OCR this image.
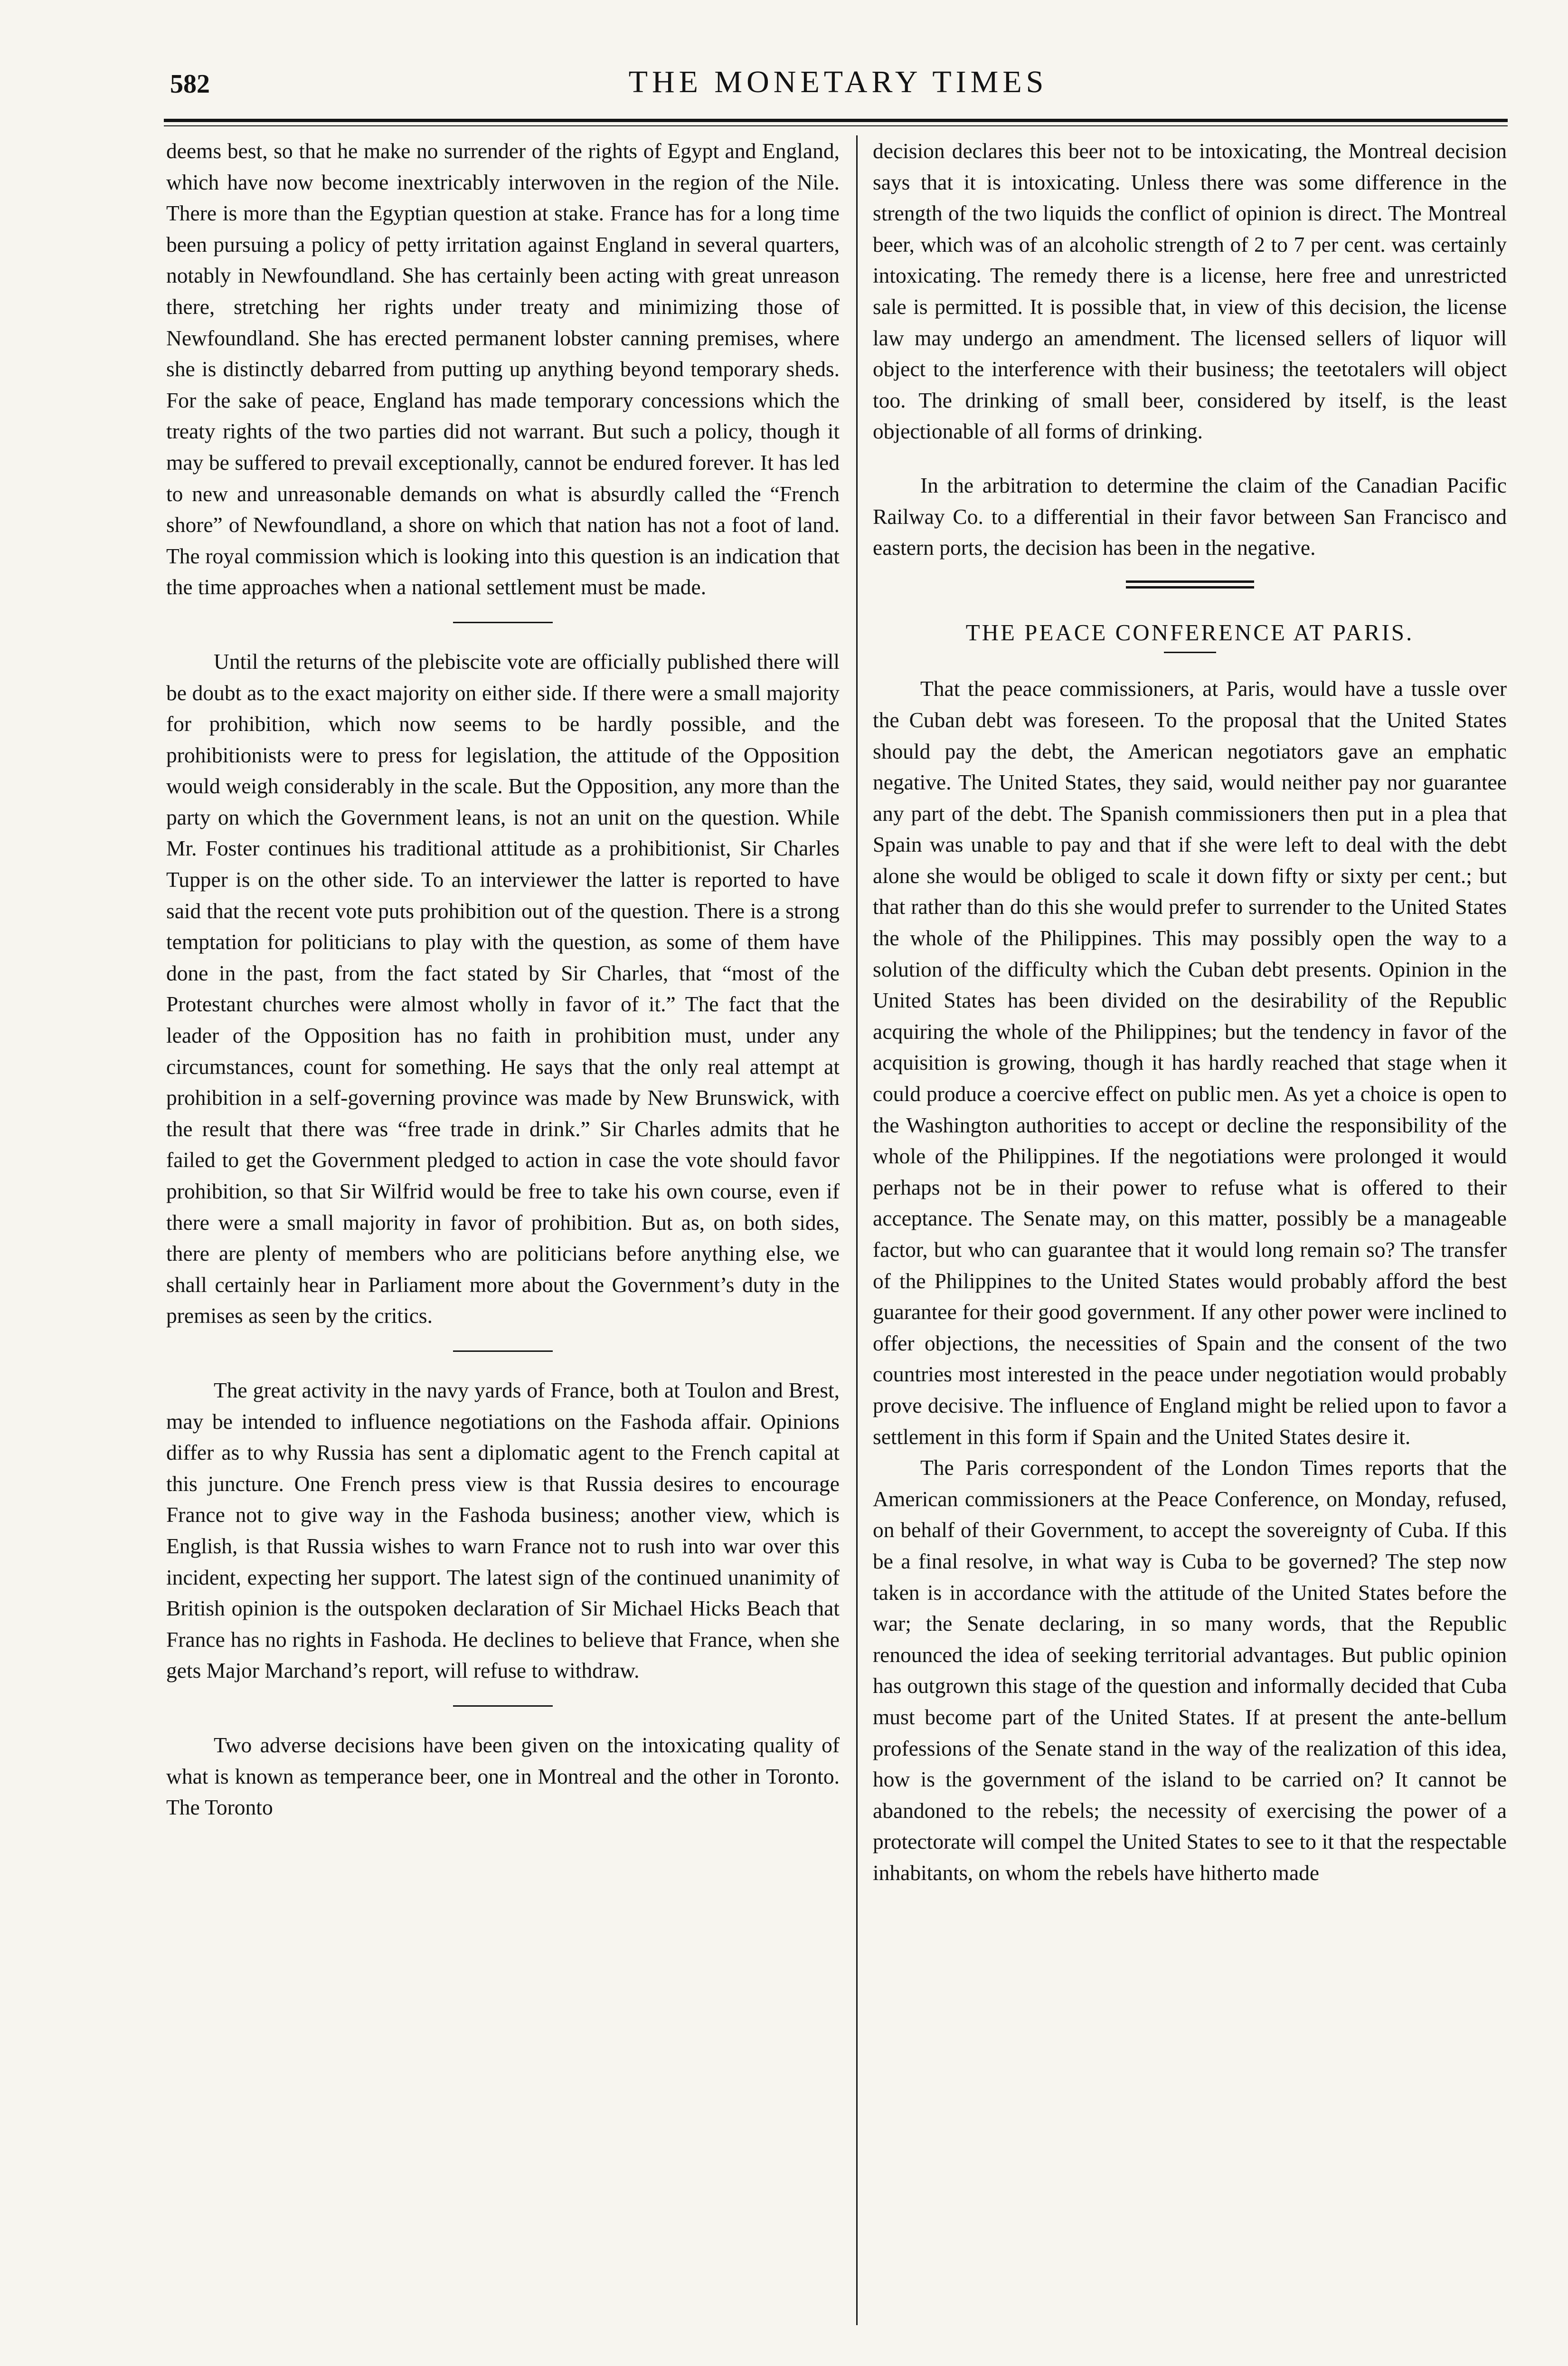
582	THE MONETARY TIMES

deems best, so that he make no surrender of the rights of Egypt and England, which have now become inextricably interwoven in the region of the Nile. There is more than the Egyptian question at stake. France has for a long time been pursuing a policy of petty irritation against England in several quarters, notably in Newfoundland. She has certainly been acting with great unreason there, stretching her rights under treaty and minimizing those of Newfoundland. She has erected permanent lobster canning premises, where she is distinctly debarred from putting up anything beyond temporary sheds. For the sake of peace, England has made temporary concessions which the treaty rights of the two parties did not warrant. But such a policy, though it may be suffered to prevail exceptionally, cannot be endured forever. It has led to new and unreasonable demands on what is absurdly called the “French shore” of Newfoundland, a shore on which that nation has not a foot of land. The royal commission which is looking into this question is an indication that the time approaches when a national settlement must be made.

Until the returns of the plebiscite vote are officially published there will be doubt as to the exact majority on either side. If there were a small majority for prohibition, which now seems to be hardly possible, and the prohibitionists were to press for legislation, the attitude of the Opposition would weigh considerably in the scale. But the Opposition, any more than the party on which the Government leans, is not an unit on the question. While Mr. Foster continues his traditional attitude as a prohibitionist, Sir Charles Tupper is on the other side. To an interviewer the latter is reported to have said that the recent vote puts prohibition out of the question. There is a strong temptation for politicians to play with the question, as some of them have done in the past, from the fact stated by Sir Charles, that “most of the Protestant churches were almost wholly in favor of it.” The fact that the leader of the Opposition has no faith in prohibition must, under any circumstances, count for something. He says that the only real attempt at prohibition in a self-governing province was made by New Brunswick, with the result that there was “free trade in drink.” Sir Charles admits that he failed to get the Government pledged to action in case the vote should favor prohibition, so that Sir Wilfrid would be free to take his own course, even if there were a small majority in favor of prohibition. But as, on both sides, there are plenty of members who are politicians before anything else, we shall certainly hear in Parliament more about the Government’s duty in the premises as seen by the critics.

The great activity in the navy yards of France, both at Toulon and Brest, may be intended to influence negotiations on the Fashoda affair. Opinions differ as to why Russia has sent a diplomatic agent to the French capital at this juncture. One French press view is that Russia desires to encourage France not to give way in the Fashoda business; another view, which is English, is that Russia wishes to warn France not to rush into war over this incident, expecting her support. The latest sign of the continued unanimity of British opinion is the outspoken declaration of Sir Michael Hicks Beach that France has no rights in Fashoda. He declines to believe that France, when she gets Major Marchand’s report, will refuse to withdraw.

Two adverse decisions have been given on the intoxicating quality of what is known as temperance beer, one in Montreal and the other in Toronto. The Toronto

decision declares this beer not to be intoxicating, the Montreal decision says that it is intoxicating. Unless there was some difference in the strength of the two liquids the conflict of opinion is direct. The Montreal beer, which was of an alcoholic strength of 2 to 7 per cent. was certainly intoxicating. The remedy there is a license, here free and unrestricted sale is permitted. It is possible that, in view of this decision, the license law may undergo an amendment. The licensed sellers of liquor will object to the interference with their business; the teetotalers will object too. The drinking of small beer, considered by itself, is the least objectionable of all forms of drinking.

In the arbitration to determine the claim of the Canadian Pacific Railway Co. to a differential in their favor between San Francisco and eastern ports, the decision has been in the negative.

THE PEACE CONFERENCE AT PARIS.

That the peace commissioners, at Paris, would have a tussle over the Cuban debt was foreseen. To the proposal that the United States should pay the debt, the American negotiators gave an emphatic negative. The United States, they said, would neither pay nor guarantee any part of the debt. The Spanish commissioners then put in a plea that Spain was unable to pay and that if she were left to deal with the debt alone she would be obliged to scale it down fifty or sixty per cent.; but that rather than do this she would prefer to surrender to the United States the whole of the Philippines. This may possibly open the way to a solution of the difficulty which the Cuban debt presents. Opinion in the United States has been divided on the desirability of the Republic acquiring the whole of the Philippines; but the tendency in favor of the acquisition is growing, though it has hardly reached that stage when it could produce a coercive effect on public men. As yet a choice is open to the Washington authorities to accept or decline the responsibility of the whole of the Philippines. If the negotiations were prolonged it would perhaps not be in their power to refuse what is offered to their acceptance. The Senate may, on this matter, possibly be a manageable factor, but who can guarantee that it would long remain so? The transfer of the Philippines to the United States would probably afford the best guarantee for their good government. If any other power were inclined to offer objections, the necessities of Spain and the consent of the two countries most interested in the peace under negotiation would probably prove decisive. The influence of England might be relied upon to favor a settlement in this form if Spain and the United States desire it.

The Paris correspondent of the London Times reports that the American commissioners at the Peace Conference, on Monday, refused, on behalf of their Government, to accept the sovereignty of Cuba. If this be a final resolve, in what way is Cuba to be governed? The step now taken is in accordance with the attitude of the United States before the war; the Senate declaring, in so many words, that the Republic renounced the idea of seeking territorial advantages. But public opinion has outgrown this stage of the question and informally decided that Cuba must become part of the United States. If at present the ante-bellum professions of the Senate stand in the way of the realization of this idea, how is the government of the island to be carried on? It cannot be abandoned to the rebels; the necessity of exercising the power of a protectorate will compel the United States to see to it that the respectable inhabitants, on whom the rebels have hitherto made
